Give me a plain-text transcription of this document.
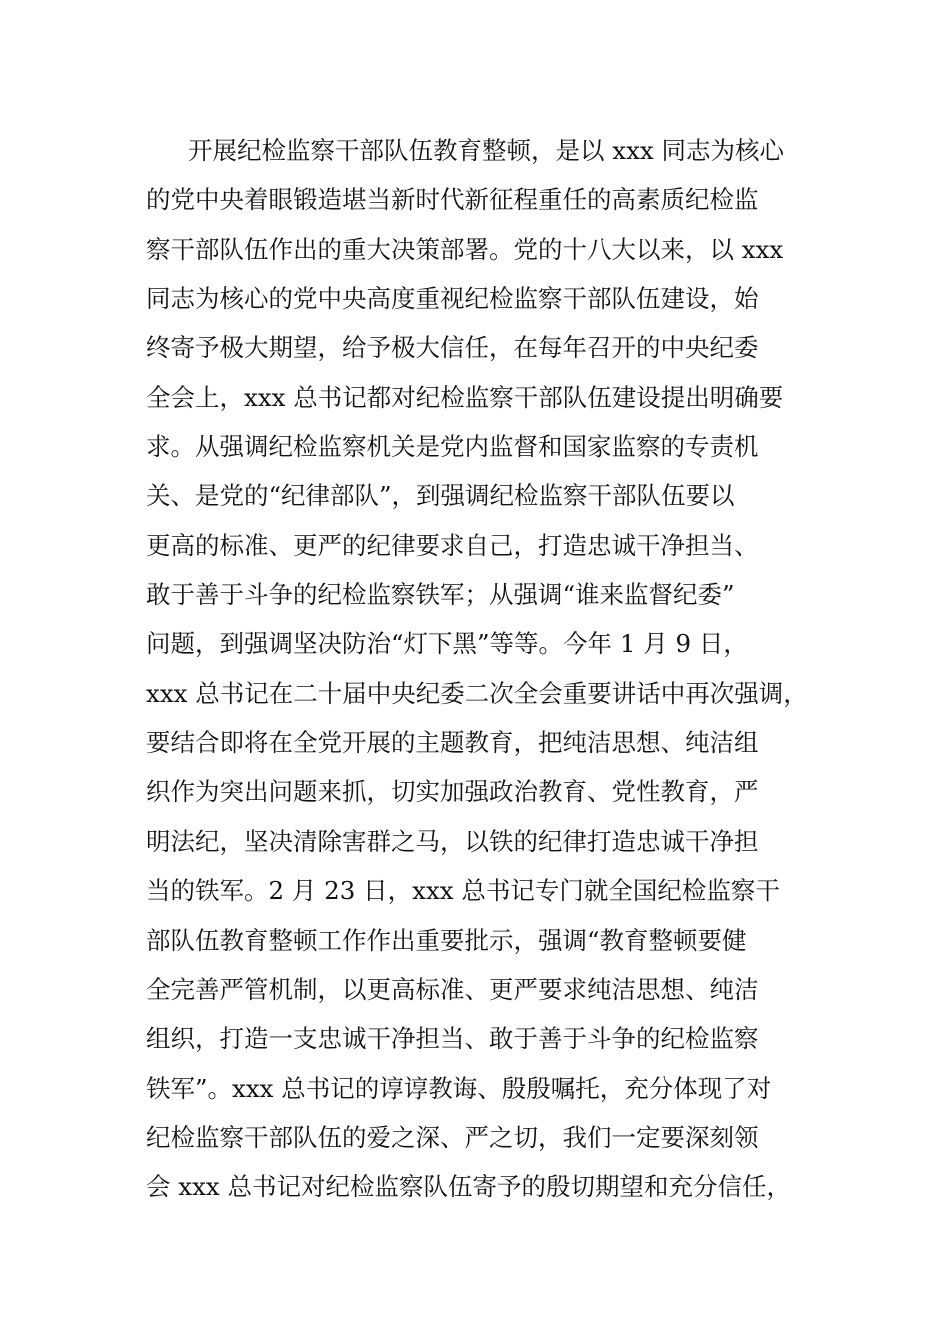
开展纪检监察干部队伍教育整顿，是以 xxx 同志为核心
的党中央着眼锻造堪当新时代新征程重任的高素质纪检监
察干部队伍作出的重大决策部署。党的十八大以来，以 xxx
同志为核心的党中央高度重视纪检监察干部队伍建设，始
终寄予极大期望，给予极大信任，在每年召开的中央纪委
全会上，xxx 总书记都对纪检监察干部队伍建设提出明确要
求。从强调纪检监察机关是党内监督和国家监察的专责机
关、是党的“纪律部队”，到强调纪检监察干部队伍要以
更高的标准、更严的纪律要求自己，打造忠诚干净担当、
敢于善于斗争的纪检监察铁军；从强调“谁来监督纪委”
问题，到强调坚决防治“灯下黑”等等。今年 1 月 9 日，
xxx 总书记在二十届中央纪委二次全会重要讲话中再次强调，
要结合即将在全党开展的主题教育，把纯洁思想、纯洁组
织作为突出问题来抓，切实加强政治教育、党性教育，严
明法纪，坚决清除害群之马，以铁的纪律打造忠诚干净担
当的铁军。2 月 23 日，xxx 总书记专门就全国纪检监察干
部队伍教育整顿工作作出重要批示，强调“教育整顿要健
全完善严管机制，以更高标准、更严要求纯洁思想、纯洁
组织，打造一支忠诚干净担当、敢于善于斗争的纪检监察
铁军”。xxx 总书记的谆谆教诲、殷殷嘱托，充分体现了对
纪检监察干部队伍的爱之深、严之切，我们一定要深刻领
会 xxx 总书记对纪检监察队伍寄予的殷切期望和充分信任，
